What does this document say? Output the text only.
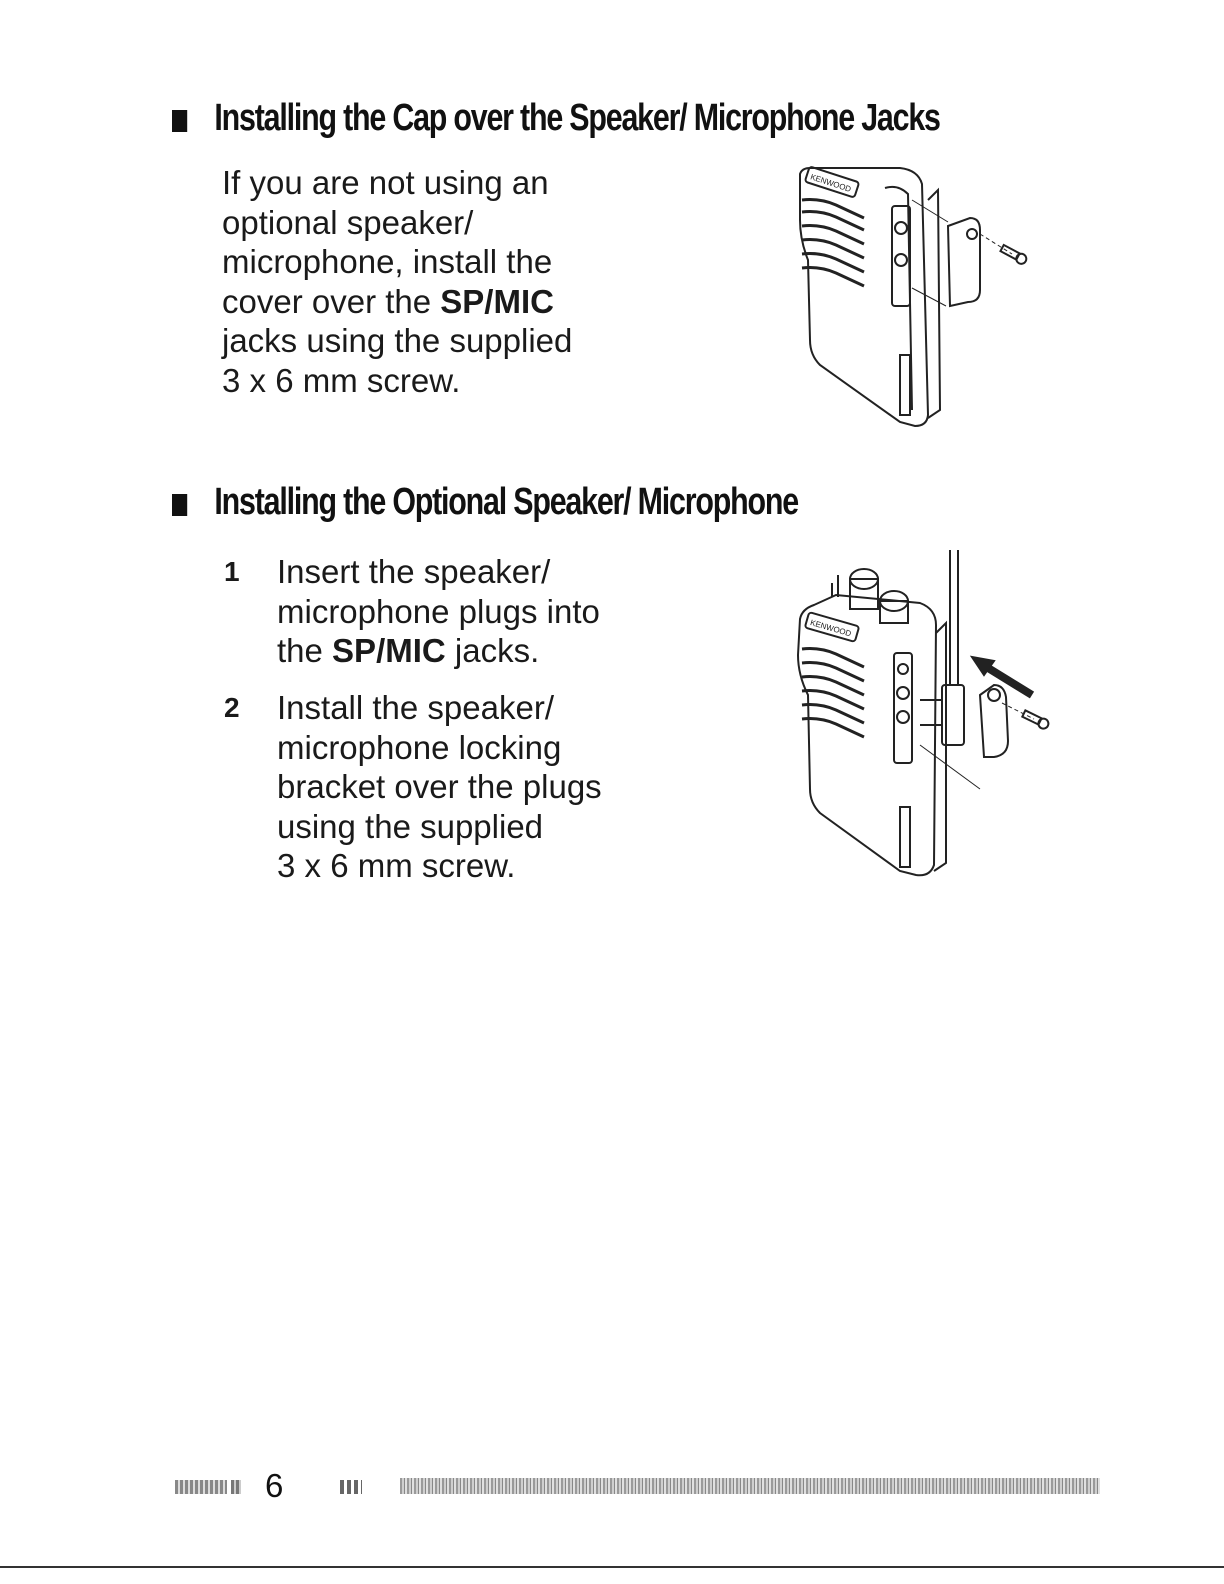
Installing the Cap over the Speaker/ Microphone Jacks

If you are not using an
optional speaker/
microphone, install the
cover over the SP/MIC
jacks using the supplied
3 x 6 mm screw.

KENWOOD
Installing the Optional Speaker/ Microphone
1 Insert the speaker/
microphone plugs into
the SP/MIC jacks.
2 Install the speaker/
microphone locking
bracket over the plugs
using the supplied
3 x 6 mm screw.
KENWOOD
6
